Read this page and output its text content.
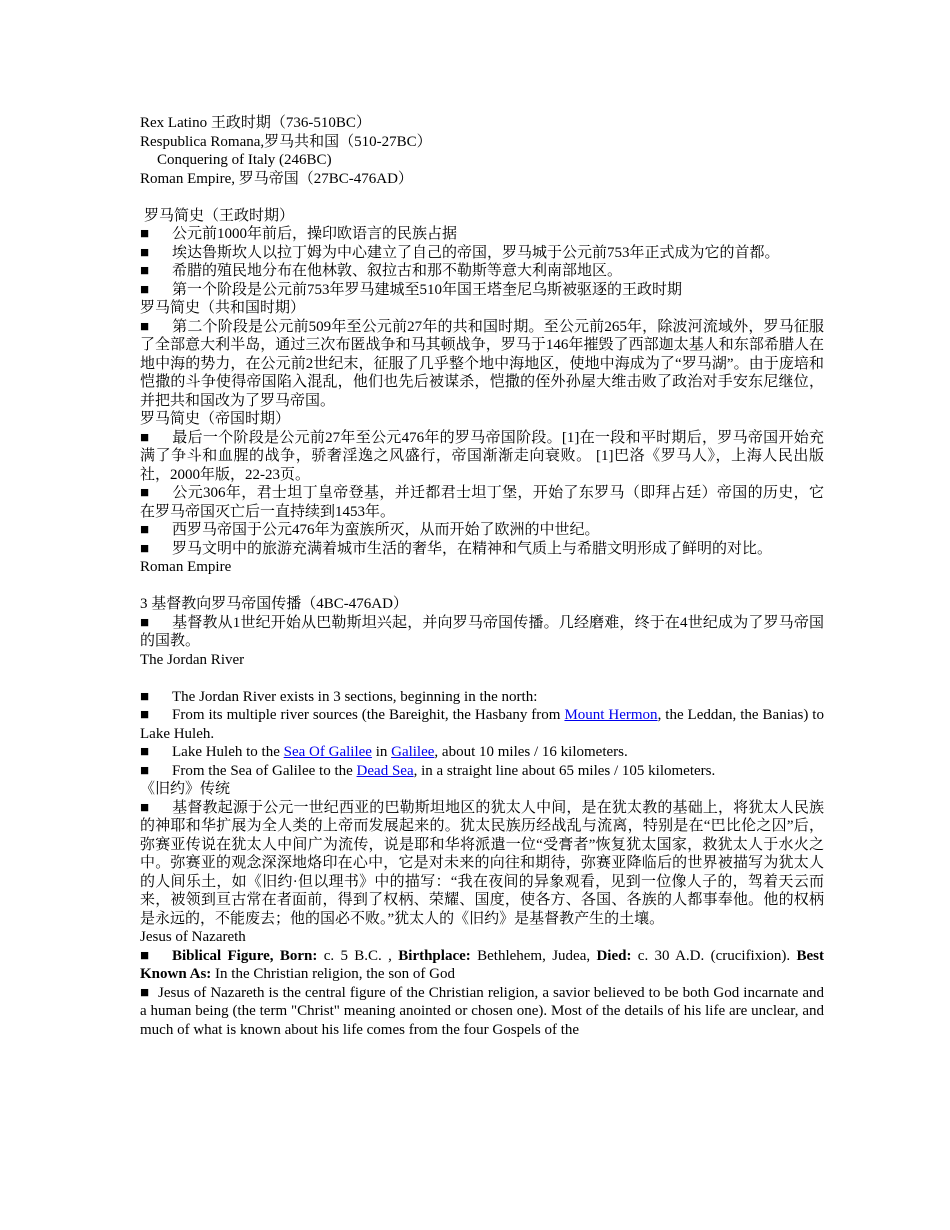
Rex Latino 王政时期（736-510BC）
Respublica Romana,罗马共和国（510-27BC）
Conquering of Italy (246BC)
Roman Empire, 罗马帝国（27BC-476AD）
罗马简史（王政时期）

■ 公元前1000年前后，操印欧语言的民族占据

■ 埃达鲁斯坎人以拉丁姆为中心建立了自己的帝国，罗马城于公元前753年正式成为它的首都。

■ 希腊的殖民地分布在他林敦、叙拉古和那不勒斯等意大利南部地区。

■ 第一个阶段是公元前753年罗马建城至510年国王塔奎尼乌斯被驱逐的王政时期

罗马简史（共和国时期）

■ 第二个阶段是公元前509年至公元前27年的共和国时期。至公元前265年，除波河流域外，罗马征服了全部意大利半岛，通过三次布匿战争和马其顿战争，罗马于146年摧毁了西部迦太基人和东部希腊人在地中海的势力，在公元前2世纪末，征服了几乎整个地中海地区，使地中海成为了“罗马湖”。由于庞培和恺撒的斗争使得帝国陷入混乱，他们也先后被谋杀，恺撒的侄外孙屋大维击败了政治对手安东尼继位，并把共和国改为了罗马帝国。

罗马简史（帝国时期）

■ 最后一个阶段是公元前27年至公元476年的罗马帝国阶段。[1]在一段和平时期后，罗马帝国开始充满了争斗和血腥的战争，骄奢淫逸之风盛行，帝国渐渐走向衰败。 [1]巴洛《罗马人》，上海人民出版社，2000年版，22-23页。

■ 公元306年，君士坦丁皇帝登基，并迁都君士坦丁堡，开始了东罗马（即拜占廷）帝国的历史，它在罗马帝国灭亡后一直持续到1453年。

■ 西罗马帝国于公元476年为蛮族所灭，从而开始了欧洲的中世纪。

■ 罗马文明中的旅游充满着城市生活的奢华，在精神和气质上与希腊文明形成了鲜明的对比。

Roman Empire
3 基督教向罗马帝国传播（4BC-476AD）

■ 基督教从1世纪开始从巴勒斯坦兴起，并向罗马帝国传播。几经磨难，终于在4世纪成为了罗马帝国的国教。

The Jordan River

■ The Jordan River exists in 3 sections, beginning in the north:

■ From its multiple river sources (the Bareighit, the Hasbany from Mount Hermon, the Leddan, the Banias) to Lake Huleh.

■ Lake Huleh to the Sea Of Galilee in Galilee, about 10 miles / 16 kilometers.

■ From the Sea of Galilee to the Dead Sea, in a straight line about 65 miles / 105 kilometers.

《旧约》传统

■ 基督教起源于公元一世纪西亚的巴勒斯坦地区的犹太人中间，是在犹太教的基础上，将犹太人民族的神耶和华扩展为全人类的上帝而发展起来的。犹太民族历经战乱与流离，特别是在“巴比伦之囚”后，弥赛亚传说在犹太人中间广为流传，说是耶和华将派遣一位“受膏者”恢复犹太国家，救犹太人于水火之中。弥赛亚的观念深深地烙印在心中，它是对未来的向往和期待，弥赛亚降临后的世界被描写为犹太人的人间乐土，如《旧约·但以理书》中的描写：“我在夜间的异象观看，见到一位像人子的，驾着天云而来，被领到亘古常在者面前，得到了权柄、荣耀、国度，使各方、各国、各族的人都事奉他。他的权柄是永远的，不能废去；他的国必不败。”犹太人的《旧约》是基督教产生的土壤。

Jesus of Nazareth

■ Biblical Figure, Born: c. 5 B.C. , Birthplace: Bethlehem, Judea, Died: c. 30 A.D. (crucifixion). Best Known As: In the Christian religion, the son of God

■ Jesus of Nazareth is the central figure of the Christian religion, a savior believed to be both God incarnate and a human being (the term "Christ" meaning anointed or chosen one). Most of the details of his life are unclear, and much of what is known about his life comes from the four Gospels of the
